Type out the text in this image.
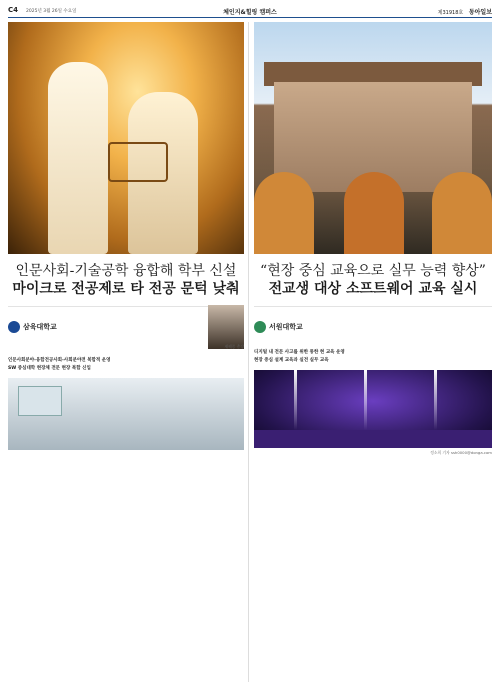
C4 2025년 3월 26일 수요일	체인지&힐링 캠퍼스	제31918호 동아일보
인문사회-기술공학 융합해 학부 신설
마이크로 전공제로 타 전공 문턱 낮춰
삼육대학교
제해종 총장
인문사회분야-융합전공사회-사회분야전 복합적 운영
SW 중심대학 현장체 전문 현장 복합 신입
“현장 중심 교육으로 실무 능력 향상”
전교생 대상 소프트웨어 교육 실시
서원대학교
디지털 내 전문 사고를 위한 통한 현 교육 운영
현장 중심 설계 교육과 실전 실무 교육
정소희 기자 ssh0000@donga.com
